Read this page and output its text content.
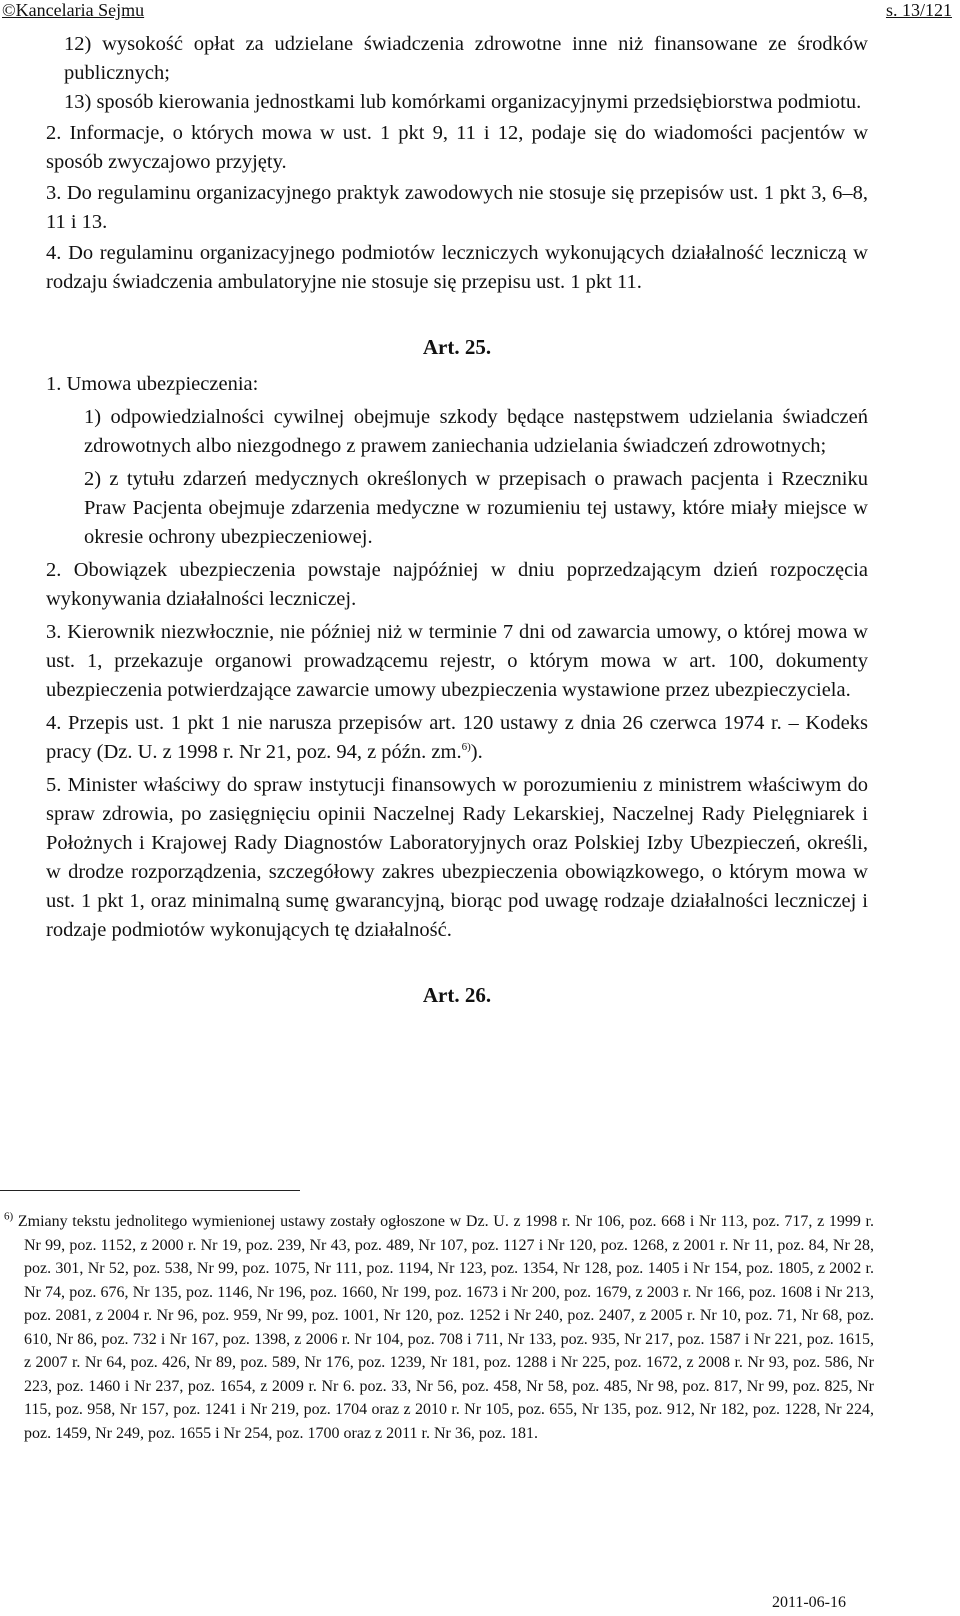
©Kancelaria Sejmu	s. 13/121

12) wysokość opłat za udzielane świadczenia zdrowotne inne niż finansowane ze środków publicznych;

13) sposób kierowania jednostkami lub komórkami organizacyjnymi przedsiębiorstwa podmiotu.

2. Informacje, o których mowa w ust. 1 pkt 9, 11 i 12, podaje się do wiadomości pacjentów w sposób zwyczajowo przyjęty.

3. Do regulaminu organizacyjnego praktyk zawodowych nie stosuje się przepisów ust. 1 pkt 3, 6–8, 11 i 13.

4. Do regulaminu organizacyjnego podmiotów leczniczych wykonujących działalność leczniczą w rodzaju świadczenia ambulatoryjne nie stosuje się przepisu ust. 1 pkt 11.

Art. 25.

1. Umowa ubezpieczenia:

1) odpowiedzialności cywilnej obejmuje szkody będące następstwem udzielania świadczeń zdrowotnych albo niezgodnego z prawem zaniechania udzielania świadczeń zdrowotnych;

2) z tytułu zdarzeń medycznych określonych w przepisach o prawach pacjenta i Rzeczniku Praw Pacjenta obejmuje zdarzenia medyczne w rozumieniu tej ustawy, które miały miejsce w okresie ochrony ubezpieczeniowej.

2. Obowiązek ubezpieczenia powstaje najpóźniej w dniu poprzedzającym dzień rozpoczęcia wykonywania działalności leczniczej.

3. Kierownik niezwłocznie, nie później niż w terminie 7 dni od zawarcia umowy, o której mowa w ust. 1, przekazuje organowi prowadzącemu rejestr, o którym mowa w art. 100, dokumenty ubezpieczenia potwierdzające zawarcie umowy ubezpieczenia wystawione przez ubezpieczyciela.

4. Przepis ust. 1 pkt 1 nie narusza przepisów art. 120 ustawy z dnia 26 czerwca 1974 r. – Kodeks pracy (Dz. U. z 1998 r. Nr 21, poz. 94, z późn. zm.$^{6)}$).

5. Minister właściwy do spraw instytucji finansowych w porozumieniu z ministrem właściwym do spraw zdrowia, po zasięgnięciu opinii Naczelnej Rady Lekarskiej, Naczelnej Rady Pielęgniarek i Położnych i Krajowej Rady Diagnostów Laboratoryjnych oraz Polskiej Izby Ubezpieczeń, określi, w drodze rozporządzenia, szczegółowy zakres ubezpieczenia obowiązkowego, o którym mowa w ust. 1 pkt 1, oraz minimalną sumę gwarancyjną, biorąc pod uwagę rodzaje działalności leczniczej i rodzaje podmiotów wykonujących tę działalność.

Art. 26.
$^{6)}$ Zmiany tekstu jednolitego wymienionej ustawy zostały ogłoszone w Dz. U. z 1998 r. Nr 106, poz. 668 i Nr 113, poz. 717, z 1999 r. Nr 99, poz. 1152, z 2000 r. Nr 19, poz. 239, Nr 43, poz. 489, Nr 107, poz. 1127 i Nr 120, poz. 1268, z 2001 r. Nr 11, poz. 84, Nr 28, poz. 301, Nr 52, poz. 538, Nr 99, poz. 1075, Nr 111, poz. 1194, Nr 123, poz. 1354, Nr 128, poz. 1405 i Nr 154, poz. 1805, z 2002 r. Nr 74, poz. 676, Nr 135, poz. 1146, Nr 196, poz. 1660, Nr 199, poz. 1673 i Nr 200, poz. 1679, z 2003 r. Nr 166, poz. 1608 i Nr 213, poz. 2081, z 2004 r. Nr 96, poz. 959, Nr 99, poz. 1001, Nr 120, poz. 1252 i Nr 240, poz. 2407, z 2005 r. Nr 10, poz. 71, Nr 68, poz. 610, Nr 86, poz. 732 i Nr 167, poz. 1398, z 2006 r. Nr 104, poz. 708 i 711, Nr 133, poz. 935, Nr 217, poz. 1587 i Nr 221, poz. 1615, z 2007 r. Nr 64, poz. 426, Nr 89, poz. 589, Nr 176, poz. 1239, Nr 181, poz. 1288 i Nr 225, poz. 1672, z 2008 r. Nr 93, poz. 586, Nr 223, poz. 1460 i Nr 237, poz. 1654, z 2009 r. Nr 6. poz. 33, Nr 56, poz. 458, Nr 58, poz. 485, Nr 98, poz. 817, Nr 99, poz. 825, Nr 115, poz. 958, Nr 157, poz. 1241 i Nr 219, poz. 1704 oraz z 2010 r. Nr 105, poz. 655, Nr 135, poz. 912, Nr 182, poz. 1228, Nr 224, poz. 1459, Nr 249, poz. 1655 i Nr 254, poz. 1700 oraz z 2011 r. Nr 36, poz. 181.
2011-06-16
